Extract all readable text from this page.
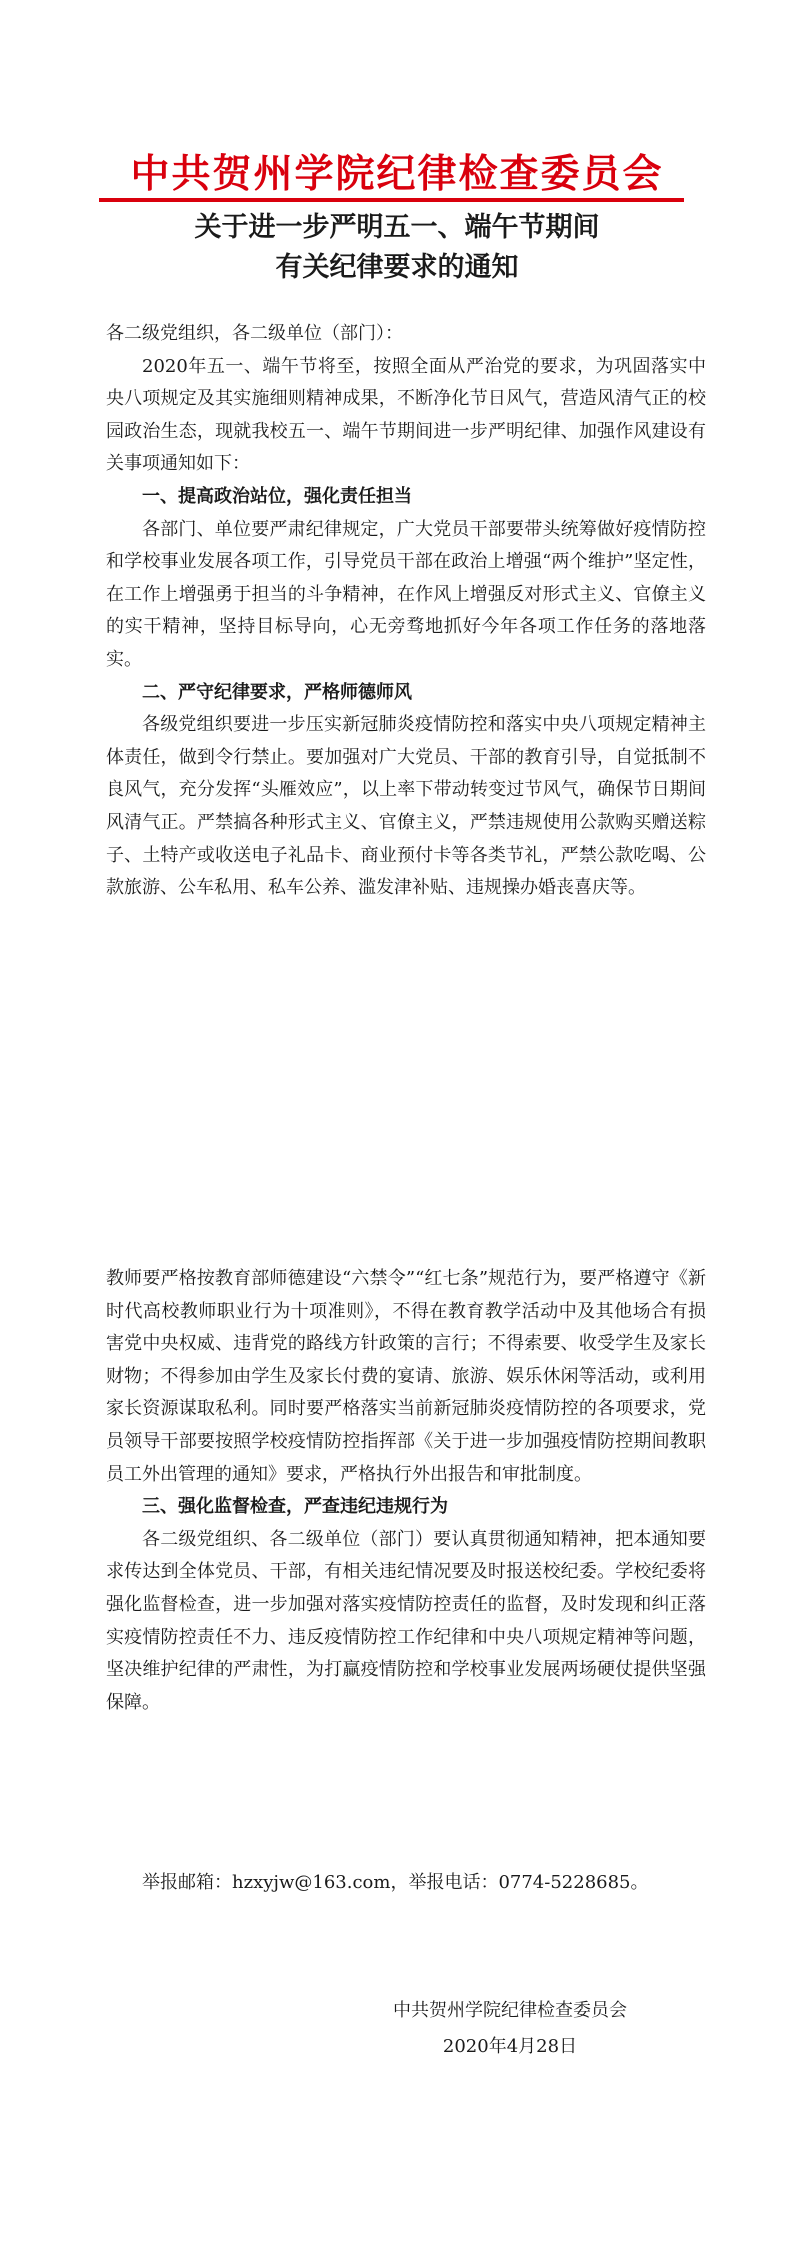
中共贺州学院纪律检查委员会
关于进一步严明五一、端午节期间
有关纪律要求的通知

各二级党组织，各二级单位（部门）：

2020年五一、端午节将至，按照全面从严治党的要求，为巩固落实中央八项规定及其实施细则精神成果，不断净化节日风气，营造风清气正的校园政治生态，现就我校五一、端午节期间进一步严明纪律、加强作风建设有关事项通知如下：

一、提高政治站位，强化责任担当

各部门、单位要严肃纪律规定，广大党员干部要带头统筹做好疫情防控和学校事业发展各项工作，引导党员干部在政治上增强“两个维护”坚定性，在工作上增强勇于担当的斗争精神，在作风上增强反对形式主义、官僚主义的实干精神，坚持目标导向，心无旁骛地抓好今年各项工作任务的落地落实。

二、严守纪律要求，严格师德师风

各级党组织要进一步压实新冠肺炎疫情防控和落实中央八项规定精神主体责任，做到令行禁止。要加强对广大党员、干部的教育引导，自觉抵制不良风气，充分发挥“头雁效应”，以上率下带动转变过节风气，确保节日期间风清气正。严禁搞各种形式主义、官僚主义，严禁违规使用公款购买赠送粽子、土特产或收送电子礼品卡、商业预付卡等各类节礼，严禁公款吃喝、公款旅游、公车私用、私车公养、滥发津补贴、违规操办婚丧喜庆等。

教师要严格按教育部师德建设“六禁令”“红七条”规范行为，要严格遵守《新时代高校教师职业行为十项准则》，不得在教育教学活动中及其他场合有损害党中央权威、违背党的路线方针政策的言行；不得索要、收受学生及家长财物；不得参加由学生及家长付费的宴请、旅游、娱乐休闲等活动，或利用家长资源谋取私利。同时要严格落实当前新冠肺炎疫情防控的各项要求，党员领导干部要按照学校疫情防控指挥部《关于进一步加强疫情防控期间教职员工外出管理的通知》要求，严格执行外出报告和审批制度。

三、强化监督检查，严查违纪违规行为

各二级党组织、各二级单位（部门）要认真贯彻通知精神，把本通知要求传达到全体党员、干部，有相关违纪情况要及时报送校纪委。学校纪委将强化监督检查，进一步加强对落实疫情防控责任的监督，及时发现和纠正落实疫情防控责任不力、违反疫情防控工作纪律和中央八项规定精神等问题，坚决维护纪律的严肃性，为打赢疫情防控和学校事业发展两场硬仗提供坚强保障。

举报邮箱：hzxyjw@163.com，举报电话：0774-5228685。
中共贺州学院纪律检查委员会
2020年4月28日
